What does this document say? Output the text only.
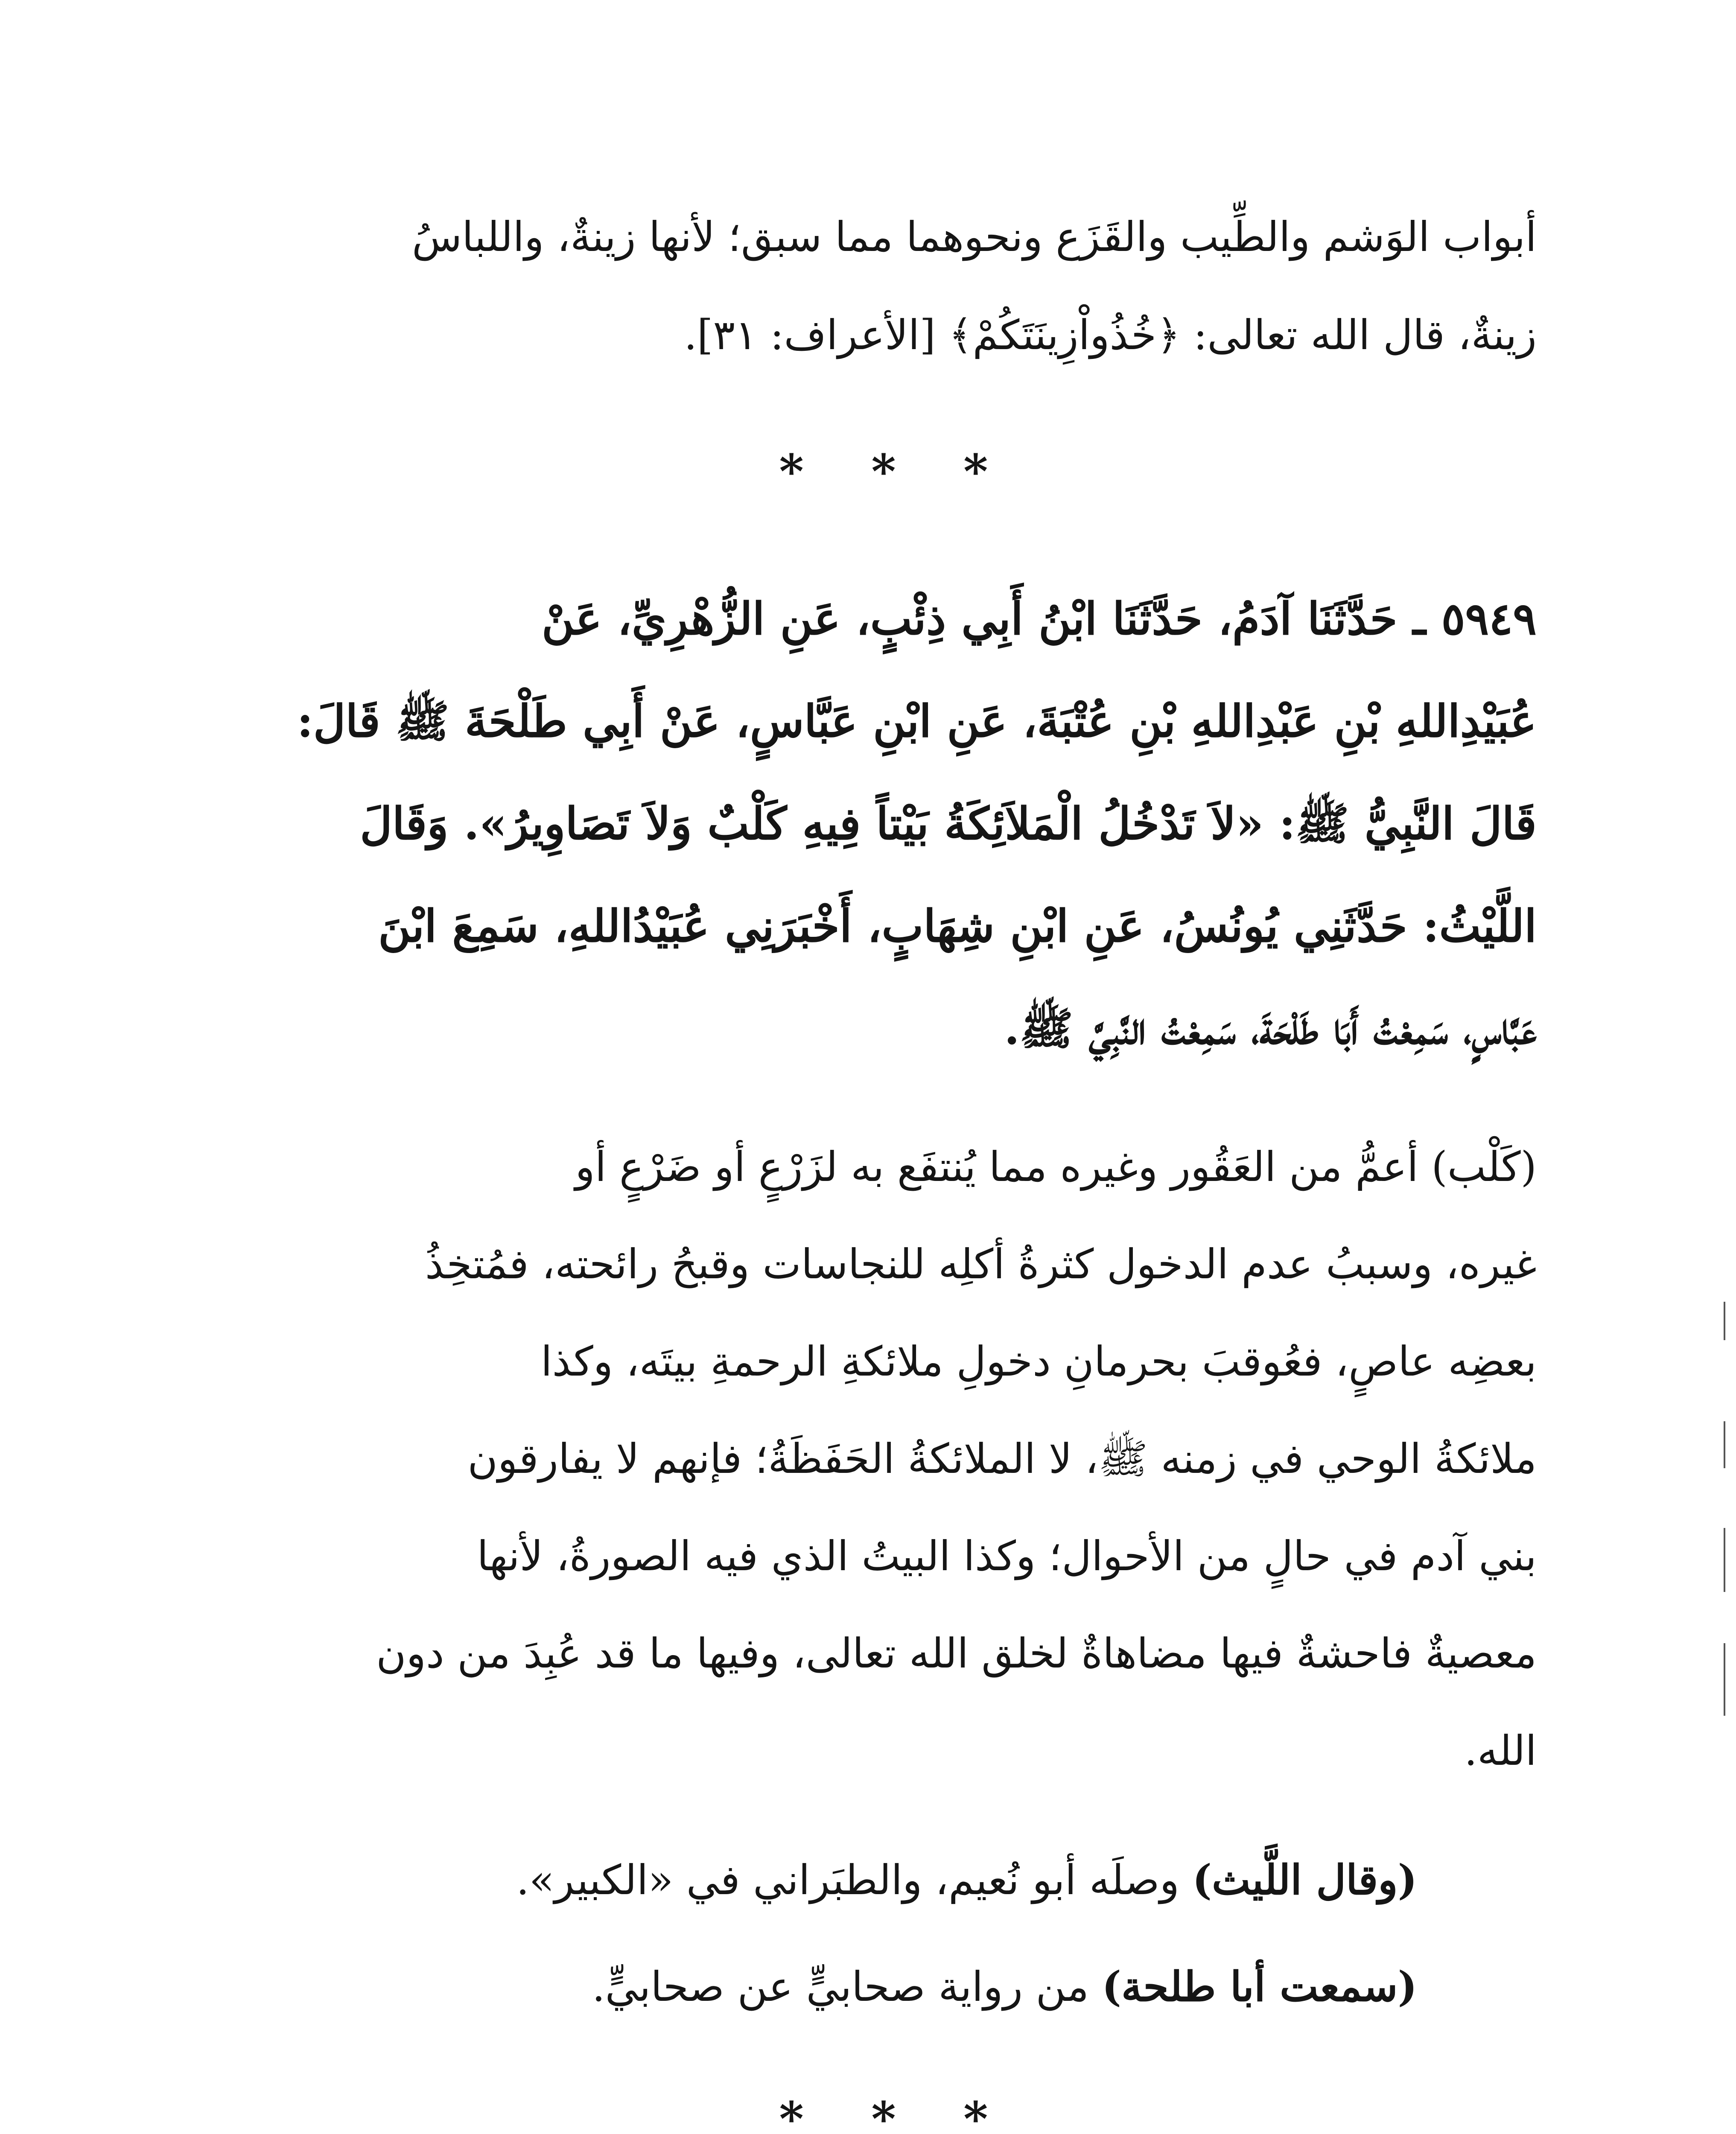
أبواب الوَشم والطِّيب والقَزَع ونحوهما مما سبق؛ لأنها زينةٌ، واللباسُ
زينةٌ، قال الله تعالى: ﴿خُذُواْزِينَتَكُمْ﴾ [الأعراف: ٣١].
* * *
٥٩٤٩ ـ حَدَّثَنَا آدَمُ، حَدَّثَنَا ابْنُ أَبِي ذِئْبٍ، عَنِ الزُّهْرِيِّ، عَنْ
عُبَيْدِاللهِ بْنِ عَبْدِاللهِ بْنِ عُتْبَةَ، عَنِ ابْنِ عَبَّاسٍ، عَنْ أَبِي طَلْحَةَ ﷺ قَالَ:
قَالَ النَّبِيُّ ﷺ: «لاَ تَدْخُلُ الْمَلاَئِكَةُ بَيْتاً فِيهِ كَلْبٌ وَلاَ تَصَاوِيرُ». وَقَالَ
اللَّيْثُ: حَدَّثَنِي يُونُسُ، عَنِ ابْنِ شِهَابٍ، أَخْبَرَنِي عُبَيْدُاللهِ، سَمِعَ ابْنَ
عَبَّاسٍ، سَمِعْتُ أَبَا طَلْحَةَ، سَمِعْتُ النَّبِيَّ ﷺ.
(كَلْب) أعمُّ من العَقُور وغيره مما يُنتفَع به لزَرْعٍ أو ضَرْعٍ أو
غيره، وسببُ عدم الدخول كثرةُ أكلِه للنجاسات وقبحُ رائحته، فمُتخِذُ
بعضِه عاصٍ، فعُوقبَ بحرمانِ دخولِ ملائكةِ الرحمةِ بيتَه، وكذا
ملائكةُ الوحي في زمنه ﷺ، لا الملائكةُ الحَفَظَةُ؛ فإنهم لا يفارقون
بني آدم في حالٍ من الأحوال؛ وكذا البيتُ الذي فيه الصورةُ، لأنها
معصيةٌ فاحشةٌ فيها مضاهاةٌ لخلق الله تعالى، وفيها ما قد عُبِدَ من دون
الله.
(وقال اللَّيث) وصلَه أبو نُعيم، والطبَراني في «الكبير».
(سمعت أبا طلحة) من رواية صحابيٍّ عن صحابيٍّ.
* * *
